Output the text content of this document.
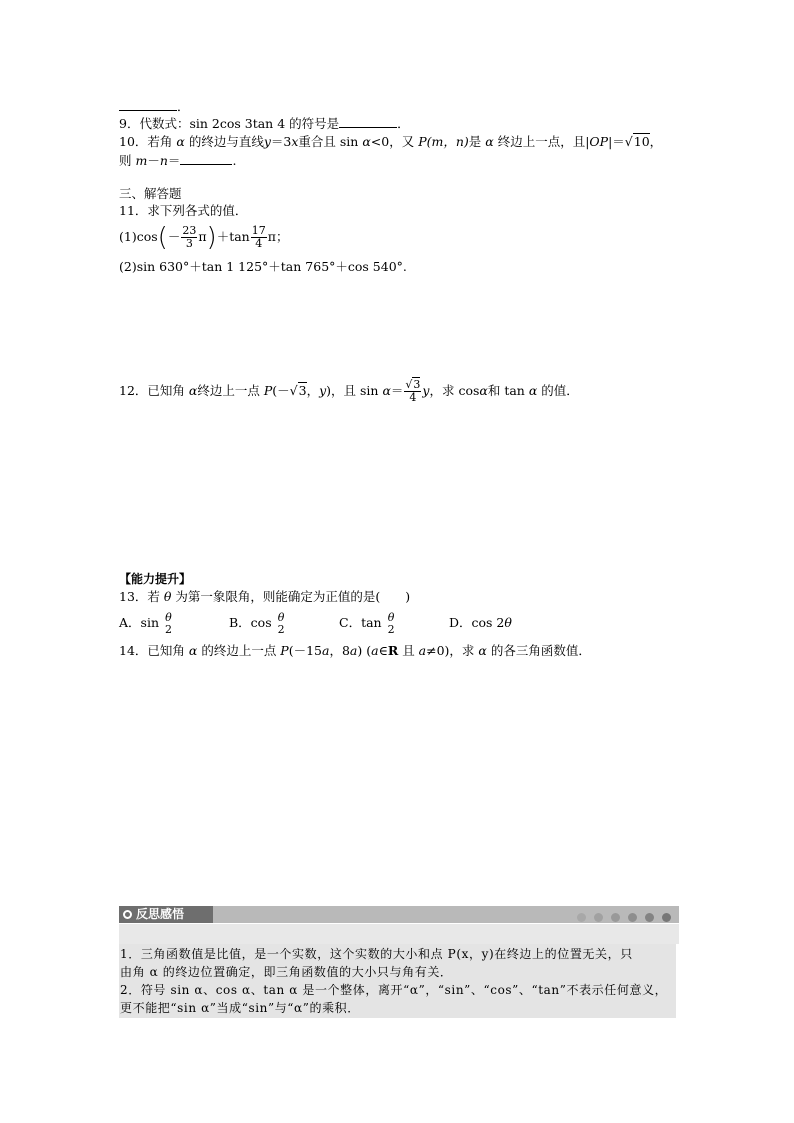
．
9．代数式：sin 2cos 3tan 4 的符号是	．
10．若角 α 的终边与直线y＝3x重合且 sin α<0，又 P(m，n)是 α 终边上一点，且|OP|＝√10，
则 m－n＝	.
三、解答题
11．求下列各式的值．
$(1)\cos(- \frac{23}{3} \pi)+\tan \frac{17}{4}$ π；
(2)sin 630°＋tan 1 125°＋tan 765°＋cos 540°.
12．已知角 α终边上一点 P(－√3，y)，且 $\sin \alpha= \frac{√3}{4}$ y，求 cosα和 tan α 的值．
【能力提升】
13．若 θ 为第一象限角，则能确定为正值的是(　　)
A．sin θ
2	B．cos θ
2	C．tan θ
2	D．cos 2θ
14．已知角 α 的终边上一点 P(－15a，8a) (a∈R 且 a≠0)，求 α 的各三角函数值．
反思感悟
1．三角函数值是比值，是一个实数，这个实数的大小和点 P(x，y)在终边上的位置无关，只
由角 α 的终边位置确定，即三角函数值的大小只与角有关．
2．符号 sin α、cos α、tan α 是一个整体，离开“α”，“sin”、“cos”、“tan”不表示任何意义，
更不能把“sin α”当成“sin”与“α”的乘积．
